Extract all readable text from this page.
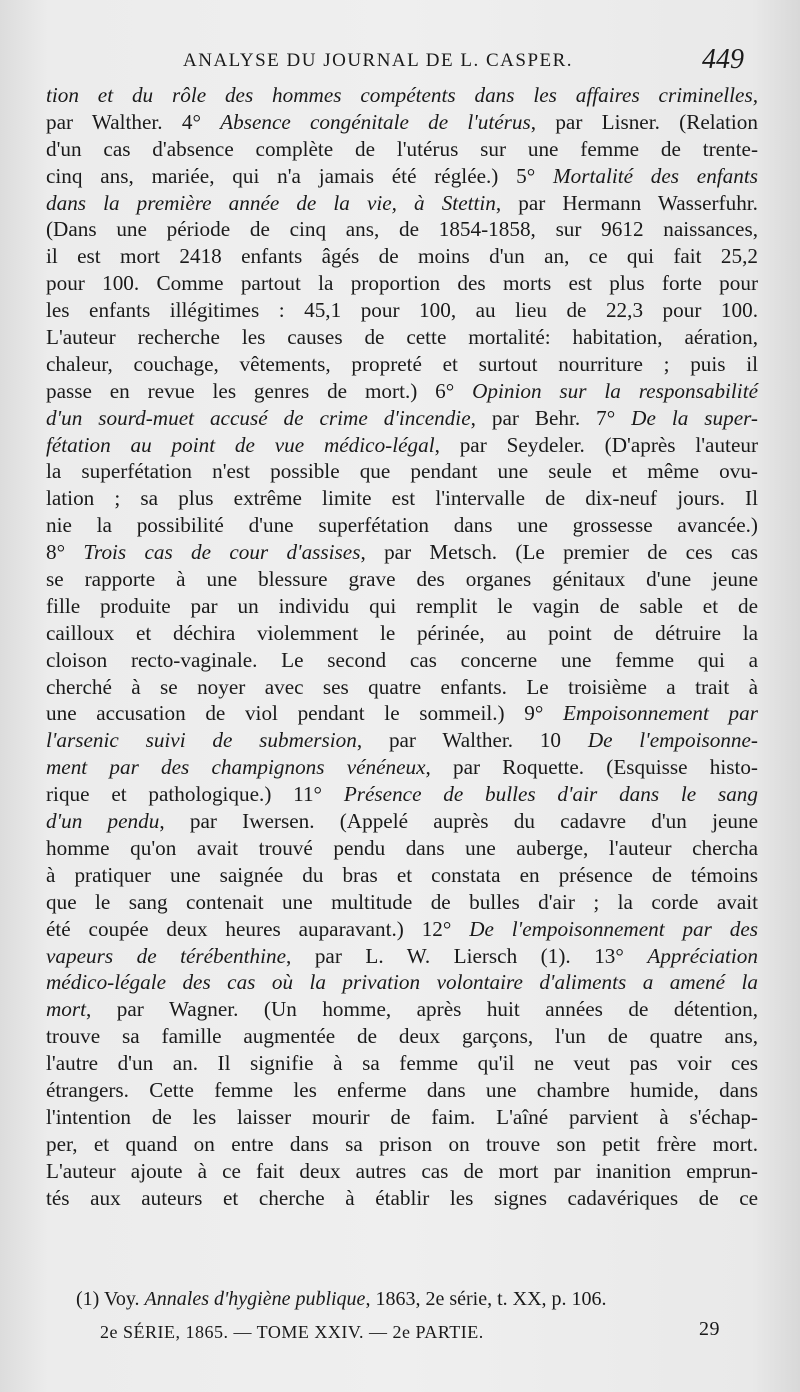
ANALYSE DU JOURNAL DE L. CASPER.	449
tion et du rôle des hommes compétents dans les affaires criminelles,
par Walther. 4° Absence congénitale de l'utérus, par Lisner. (Relation
d'un cas d'absence complète de l'utérus sur une femme de trente-
cinq ans, mariée, qui n'a jamais été réglée.) 5° Mortalité des enfants
dans la première année de la vie, à Stettin, par Hermann Wasserfuhr.
(Dans une période de cinq ans, de 1854-1858, sur 9612 naissances,
il est mort 2418 enfants âgés de moins d'un an, ce qui fait 25,2
pour 100. Comme partout la proportion des morts est plus forte pour
les enfants illégitimes : 45,1 pour 100, au lieu de 22,3 pour 100.
L'auteur recherche les causes de cette mortalité: habitation, aération,
chaleur, couchage, vêtements, propreté et surtout nourriture ; puis il
passe en revue les genres de mort.) 6° Opinion sur la responsabilité
d'un sourd-muet accusé de crime d'incendie, par Behr. 7° De la super-
fétation au point de vue médico-légal, par Seydeler. (D'après l'auteur
la superfétation n'est possible que pendant une seule et même ovu-
lation ; sa plus extrême limite est l'intervalle de dix-neuf jours. Il
nie la possibilité d'une superfétation dans une grossesse avancée.)
8° Trois cas de cour d'assises, par Metsch. (Le premier de ces cas
se rapporte à une blessure grave des organes génitaux d'une jeune
fille produite par un individu qui remplit le vagin de sable et de
cailloux et déchira violemment le périnée, au point de détruire la
cloison recto-vaginale. Le second cas concerne une femme qui a
cherché à se noyer avec ses quatre enfants. Le troisième a trait à
une accusation de viol pendant le sommeil.) 9° Empoisonnement par
l'arsenic suivi de submersion, par Walther. 10 De l'empoisonne-
ment par des champignons vénéneux, par Roquette. (Esquisse histo-
rique et pathologique.) 11° Présence de bulles d'air dans le sang
d'un pendu, par Iwersen. (Appelé auprès du cadavre d'un jeune
homme qu'on avait trouvé pendu dans une auberge, l'auteur chercha
à pratiquer une saignée du bras et constata en présence de témoins
que le sang contenait une multitude de bulles d'air ; la corde avait
été coupée deux heures auparavant.) 12° De l'empoisonnement par des
vapeurs de térébenthine, par L. W. Liersch (1). 13° Appréciation
médico-légale des cas où la privation volontaire d'aliments a amené la
mort, par Wagner. (Un homme, après huit années de détention,
trouve sa famille augmentée de deux garçons, l'un de quatre ans,
l'autre d'un an. Il signifie à sa femme qu'il ne veut pas voir ces
étrangers. Cette femme les enferme dans une chambre humide, dans
l'intention de les laisser mourir de faim. L'aîné parvient à s'échap-
per, et quand on entre dans sa prison on trouve son petit frère mort.
L'auteur ajoute à ce fait deux autres cas de mort par inanition emprun-
tés aux auteurs et cherche à établir les signes cadavériques de ce
(1) Voy. Annales d'hygiène publique, 1863, 2e série, t. XX, p. 106.
2e SÉRIE, 1865. — TOME XXIV. — 2e PARTIE.	29
